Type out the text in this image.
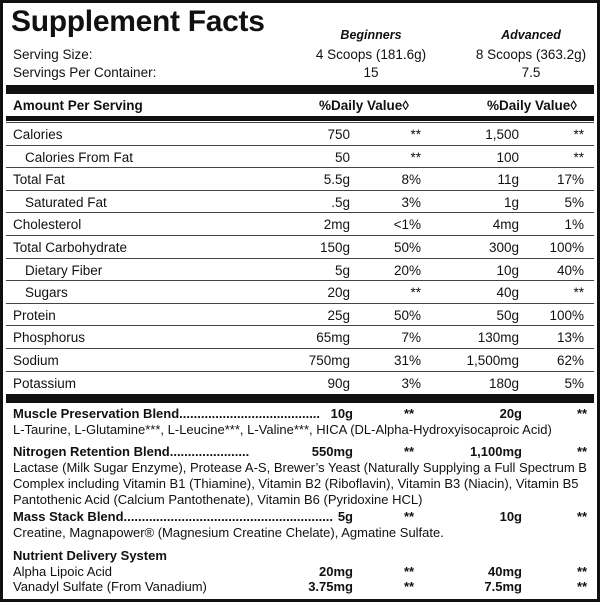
Supplement Facts	Beginners	Advanced
Serving Size:	4 Scoops (181.6g)	8 Scoops (363.2g)
Servings Per Container:	15	7.5
Amount Per Serving	%Daily Value◊	%Daily Value◊
Calories	750	**	1,500	**
Calories From Fat	50	**	100	**
Total Fat	5.5g	8%	11g	17%
Saturated Fat	.5g	3%	1g	5%
Cholesterol	2mg	<1%	4mg	1%
Total Carbohydrate	150g	50%	300g 100%
Dietary Fiber	5g	20%	10g	40%
Sugars	20g	**	40g	**
Protein	25g	50%	50g 100%
Phosphorus	65mg	7%	130mg	13%
Sodium	750mg	31%	1,500mg	62%
Potassium	90g	3%	180g	5%
Muscle Preservation Blend....................................... 10g	**	20g	**
L-Taurine, L-Glutamine***, L-Leucine***, L-Valine***, HICA (DL-Alpha-Hydroxyisocaproic Acid)
Nitrogen Retention Blend......................	550mg	**	1,100mg	**
Lactase (Milk Sugar Enzyme), Protease A-S, Brewer’s Yeast (Naturally Supplying a Full Spectrum B Complex including Vitamin B1 (Thiamine), Vitamin B2 (Riboflavin), Vitamin B3 (Niacin), Vitamin B5 Pantothenic Acid (Calcium Pantothenate), Vitamin B6 (Pyridoxine HCL)
Mass Stack Blend.......................................................... 5g	**	10g	**
Creatine, Magnapower® (Magnesium Creatine Chelate), Agmatine Sulfate.
Nutrient Delivery System
Alpha Lipoic Acid	20mg	**	40mg	**
Vanadyl Sulfate (From Vanadium)	3.75mg	**	7.5mg	**
